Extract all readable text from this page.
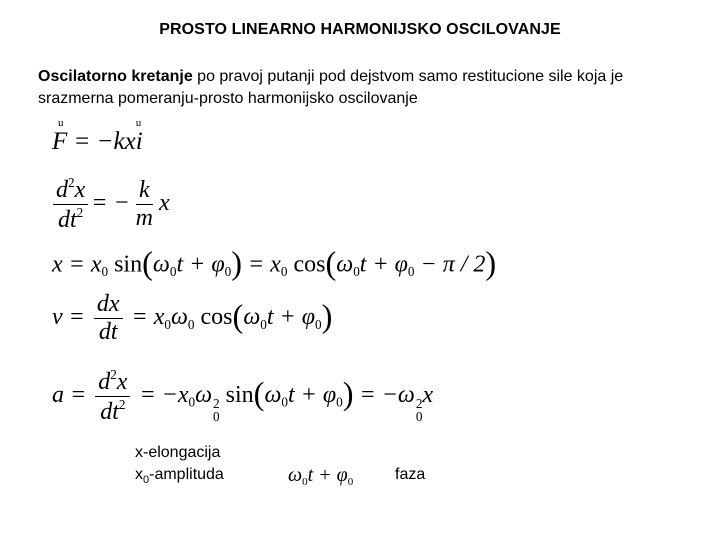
PROSTO LINEARNO HARMONIJSKO OSCILOVANJE
Oscilatorno kretanje po pravoj putanji pod dejstvom samo restitucione sile koja je srazmerna pomeranju-prosto harmonijsko oscilovanje
F
u
= −kxi
u
$\frac{d^2x}{dt^2}$ = − $\frac{k}{m}$ x
$x = x_0$ $\sin(\omega_0t + \varphi_0) = x_0$ $\cos(\omega_0t + \varphi_0 - \pi / 2)$
$v = \frac{dx}{dt} = x_0\omega_0$ $\cos(\omega_0t + \varphi_0)$
$a = \frac{d^2x}{dt^2} = -x_0\omega$ 2
0
$\sin(\omega_0t + \varphi_0) = -\omega$ 2
0
x
x-elongacija
$x_0$-amplituda	$\omega_0t + \varphi_0$	faza
